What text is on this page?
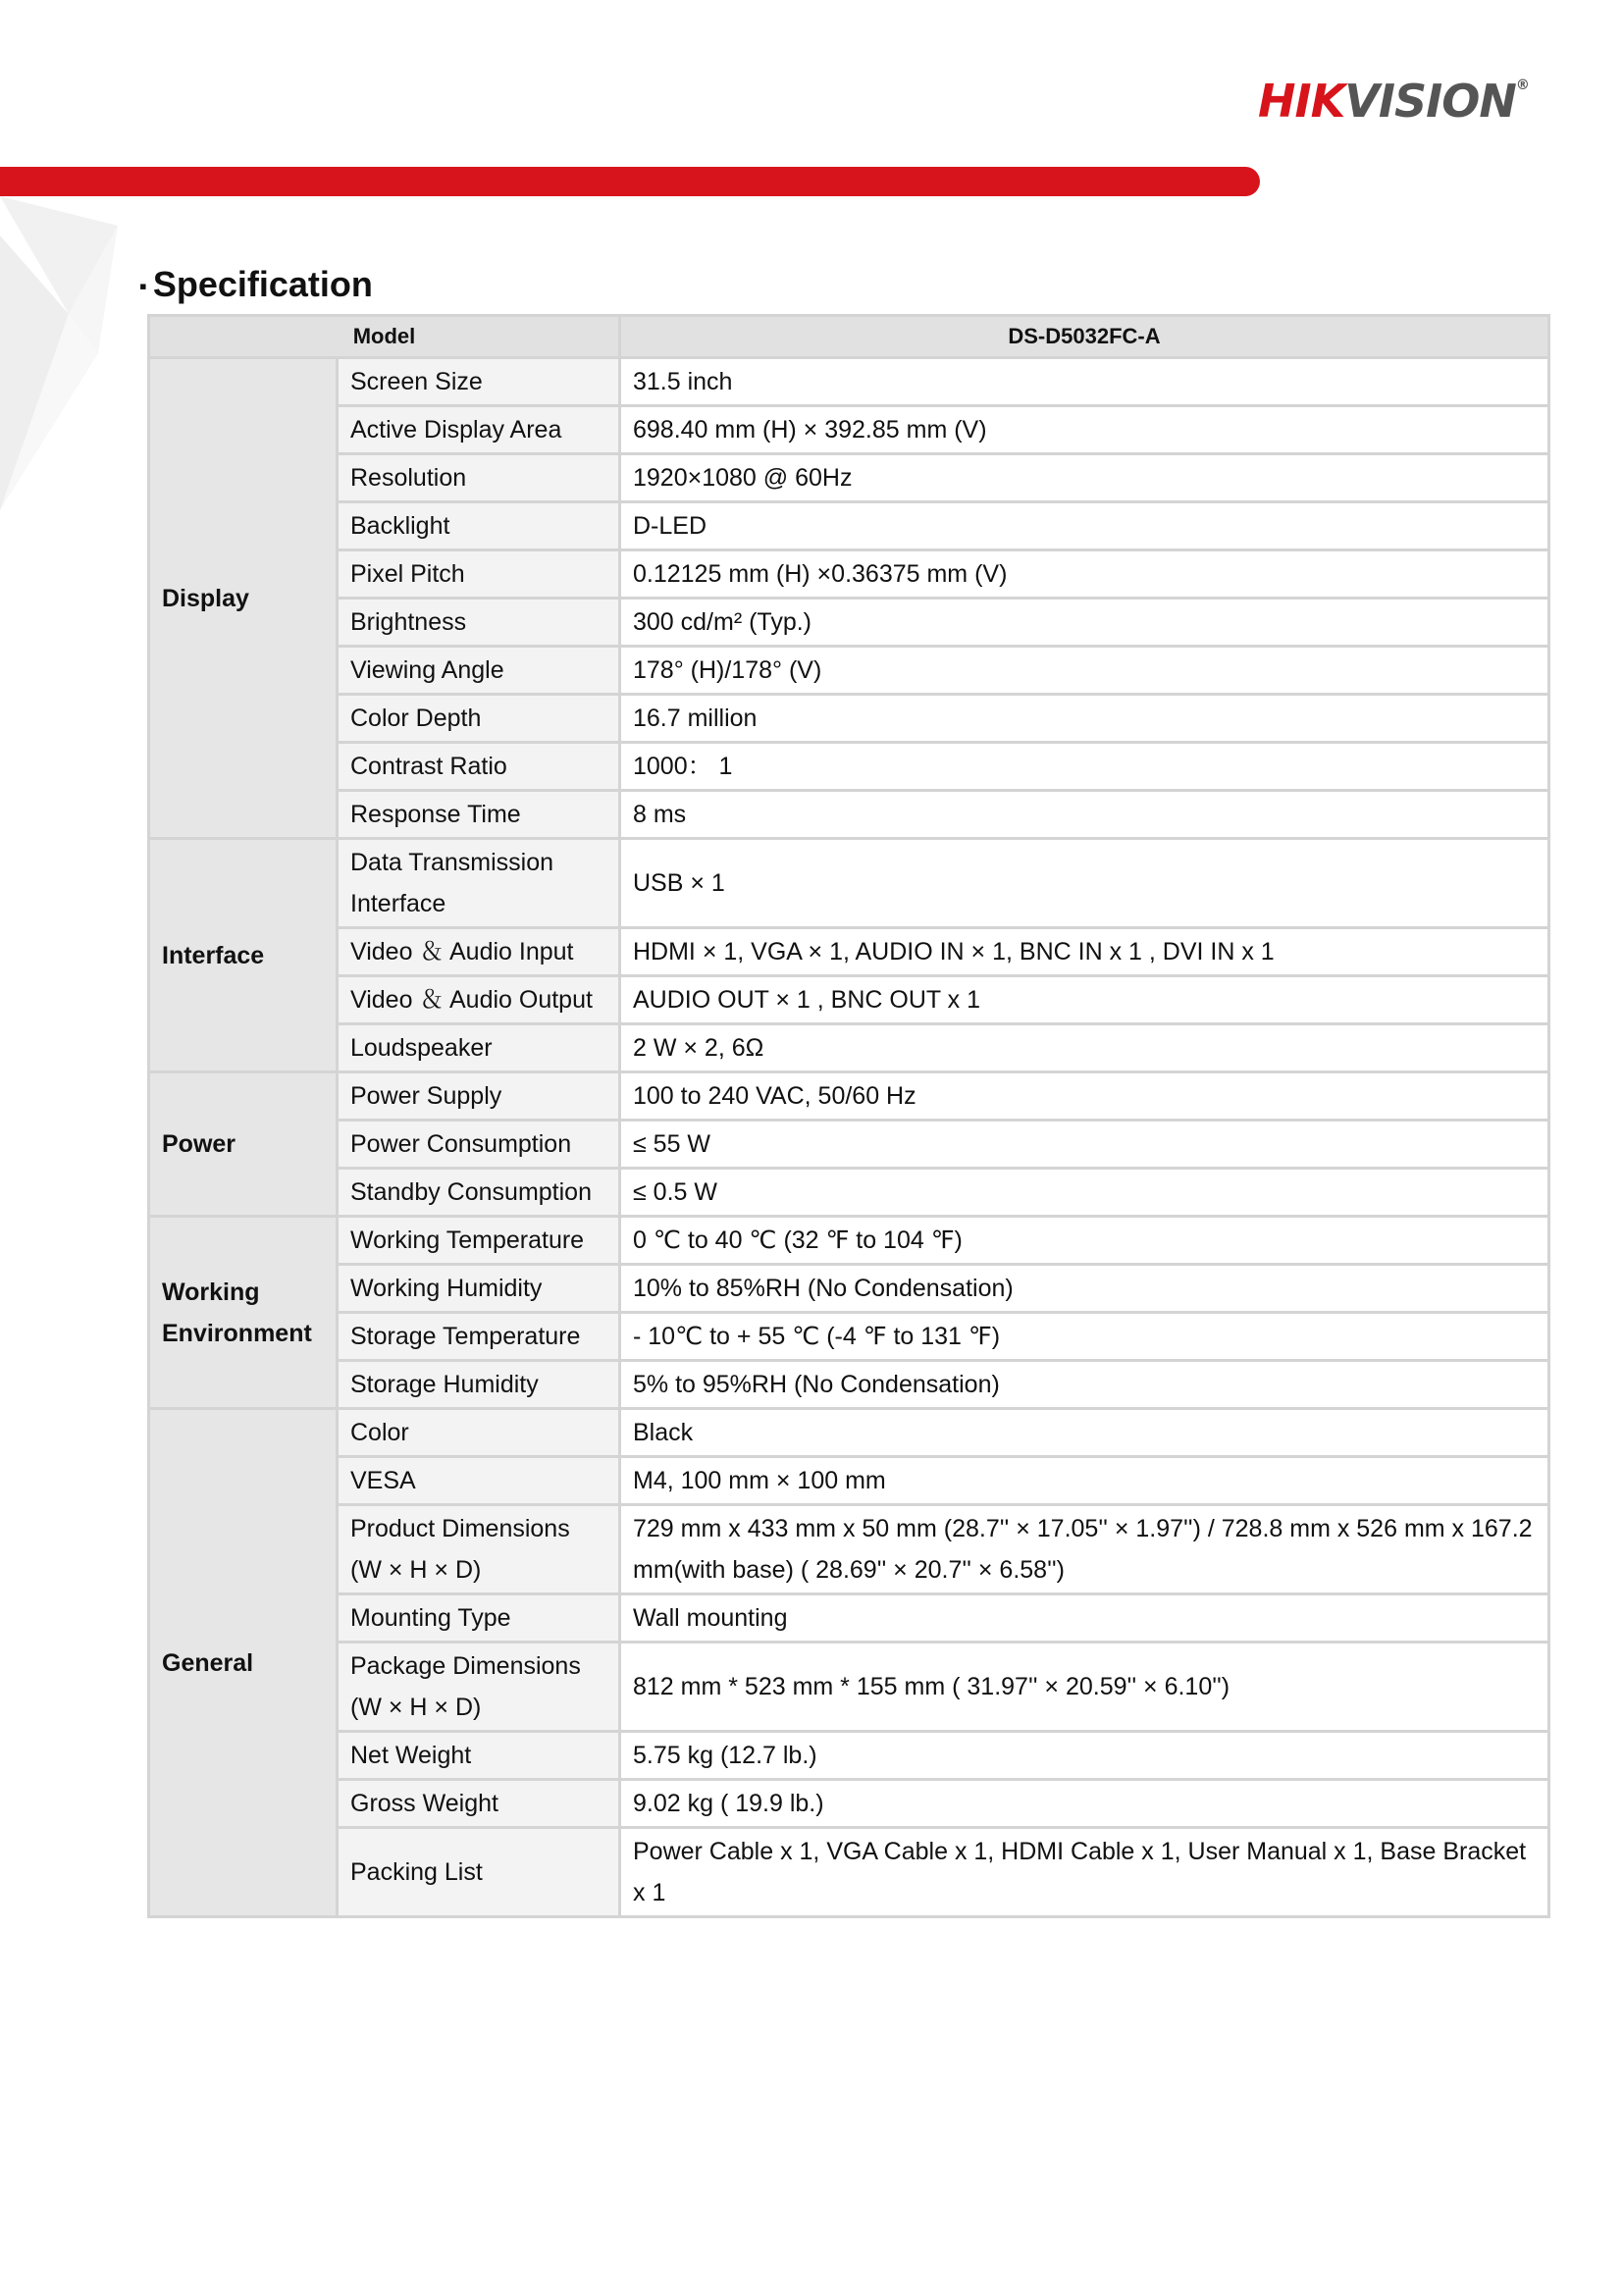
HIKVISION®
▪ Specification
Model		DS-D5032FC-A
Display	Screen Size	31.5 inch
	Active Display Area	698.40 mm (H) × 392.85 mm (V)
	Resolution	1920×1080 @ 60Hz
	Backlight	D-LED
	Pixel Pitch	0.12125 mm (H) ×0.36375 mm (V)
	Brightness	300 cd/m² (Typ.)
	Viewing Angle	178° (H)/178° (V)
	Color Depth	16.7 million
	Contrast Ratio	1000： 1
	Response Time	8 ms
Interface	Data Transmission Interface	USB × 1
	Video ＆ Audio Input	HDMI × 1, VGA × 1, AUDIO IN × 1, BNC IN x 1 , DVI IN x 1
	Video ＆ Audio Output	AUDIO OUT × 1 , BNC OUT x 1
	Loudspeaker	2 W × 2, 6Ω
Power	Power Supply	100 to 240 VAC, 50/60 Hz
	Power Consumption	≤ 55 W
	Standby Consumption	≤ 0.5 W
Working Environment	Working Temperature	0 ℃ to 40 ℃ (32 ℉ to 104 ℉)
	Working Humidity	10% to 85%RH (No Condensation)
	Storage Temperature	- 10℃ to + 55 ℃ (-4 ℉ to 131 ℉)
	Storage Humidity	5% to 95%RH (No Condensation)
General	Color	Black
	VESA	M4, 100 mm × 100 mm
	Product Dimensions (W × H × D)	729 mm x 433 mm x 50 mm (28.7'' × 17.05'' × 1.97'') / 728.8 mm x 526 mm x 167.2 mm(with base) ( 28.69'' × 20.7'' × 6.58'')
	Mounting Type	Wall mounting
	Package Dimensions (W × H × D)	812 mm * 523 mm * 155 mm ( 31.97'' × 20.59'' × 6.10'')
	Net Weight	5.75 kg (12.7 lb.)
	Gross Weight	9.02 kg ( 19.9 lb.)
	Packing List	Power Cable x 1, VGA Cable x 1, HDMI Cable x 1, User Manual x 1, Base Bracket x 1
